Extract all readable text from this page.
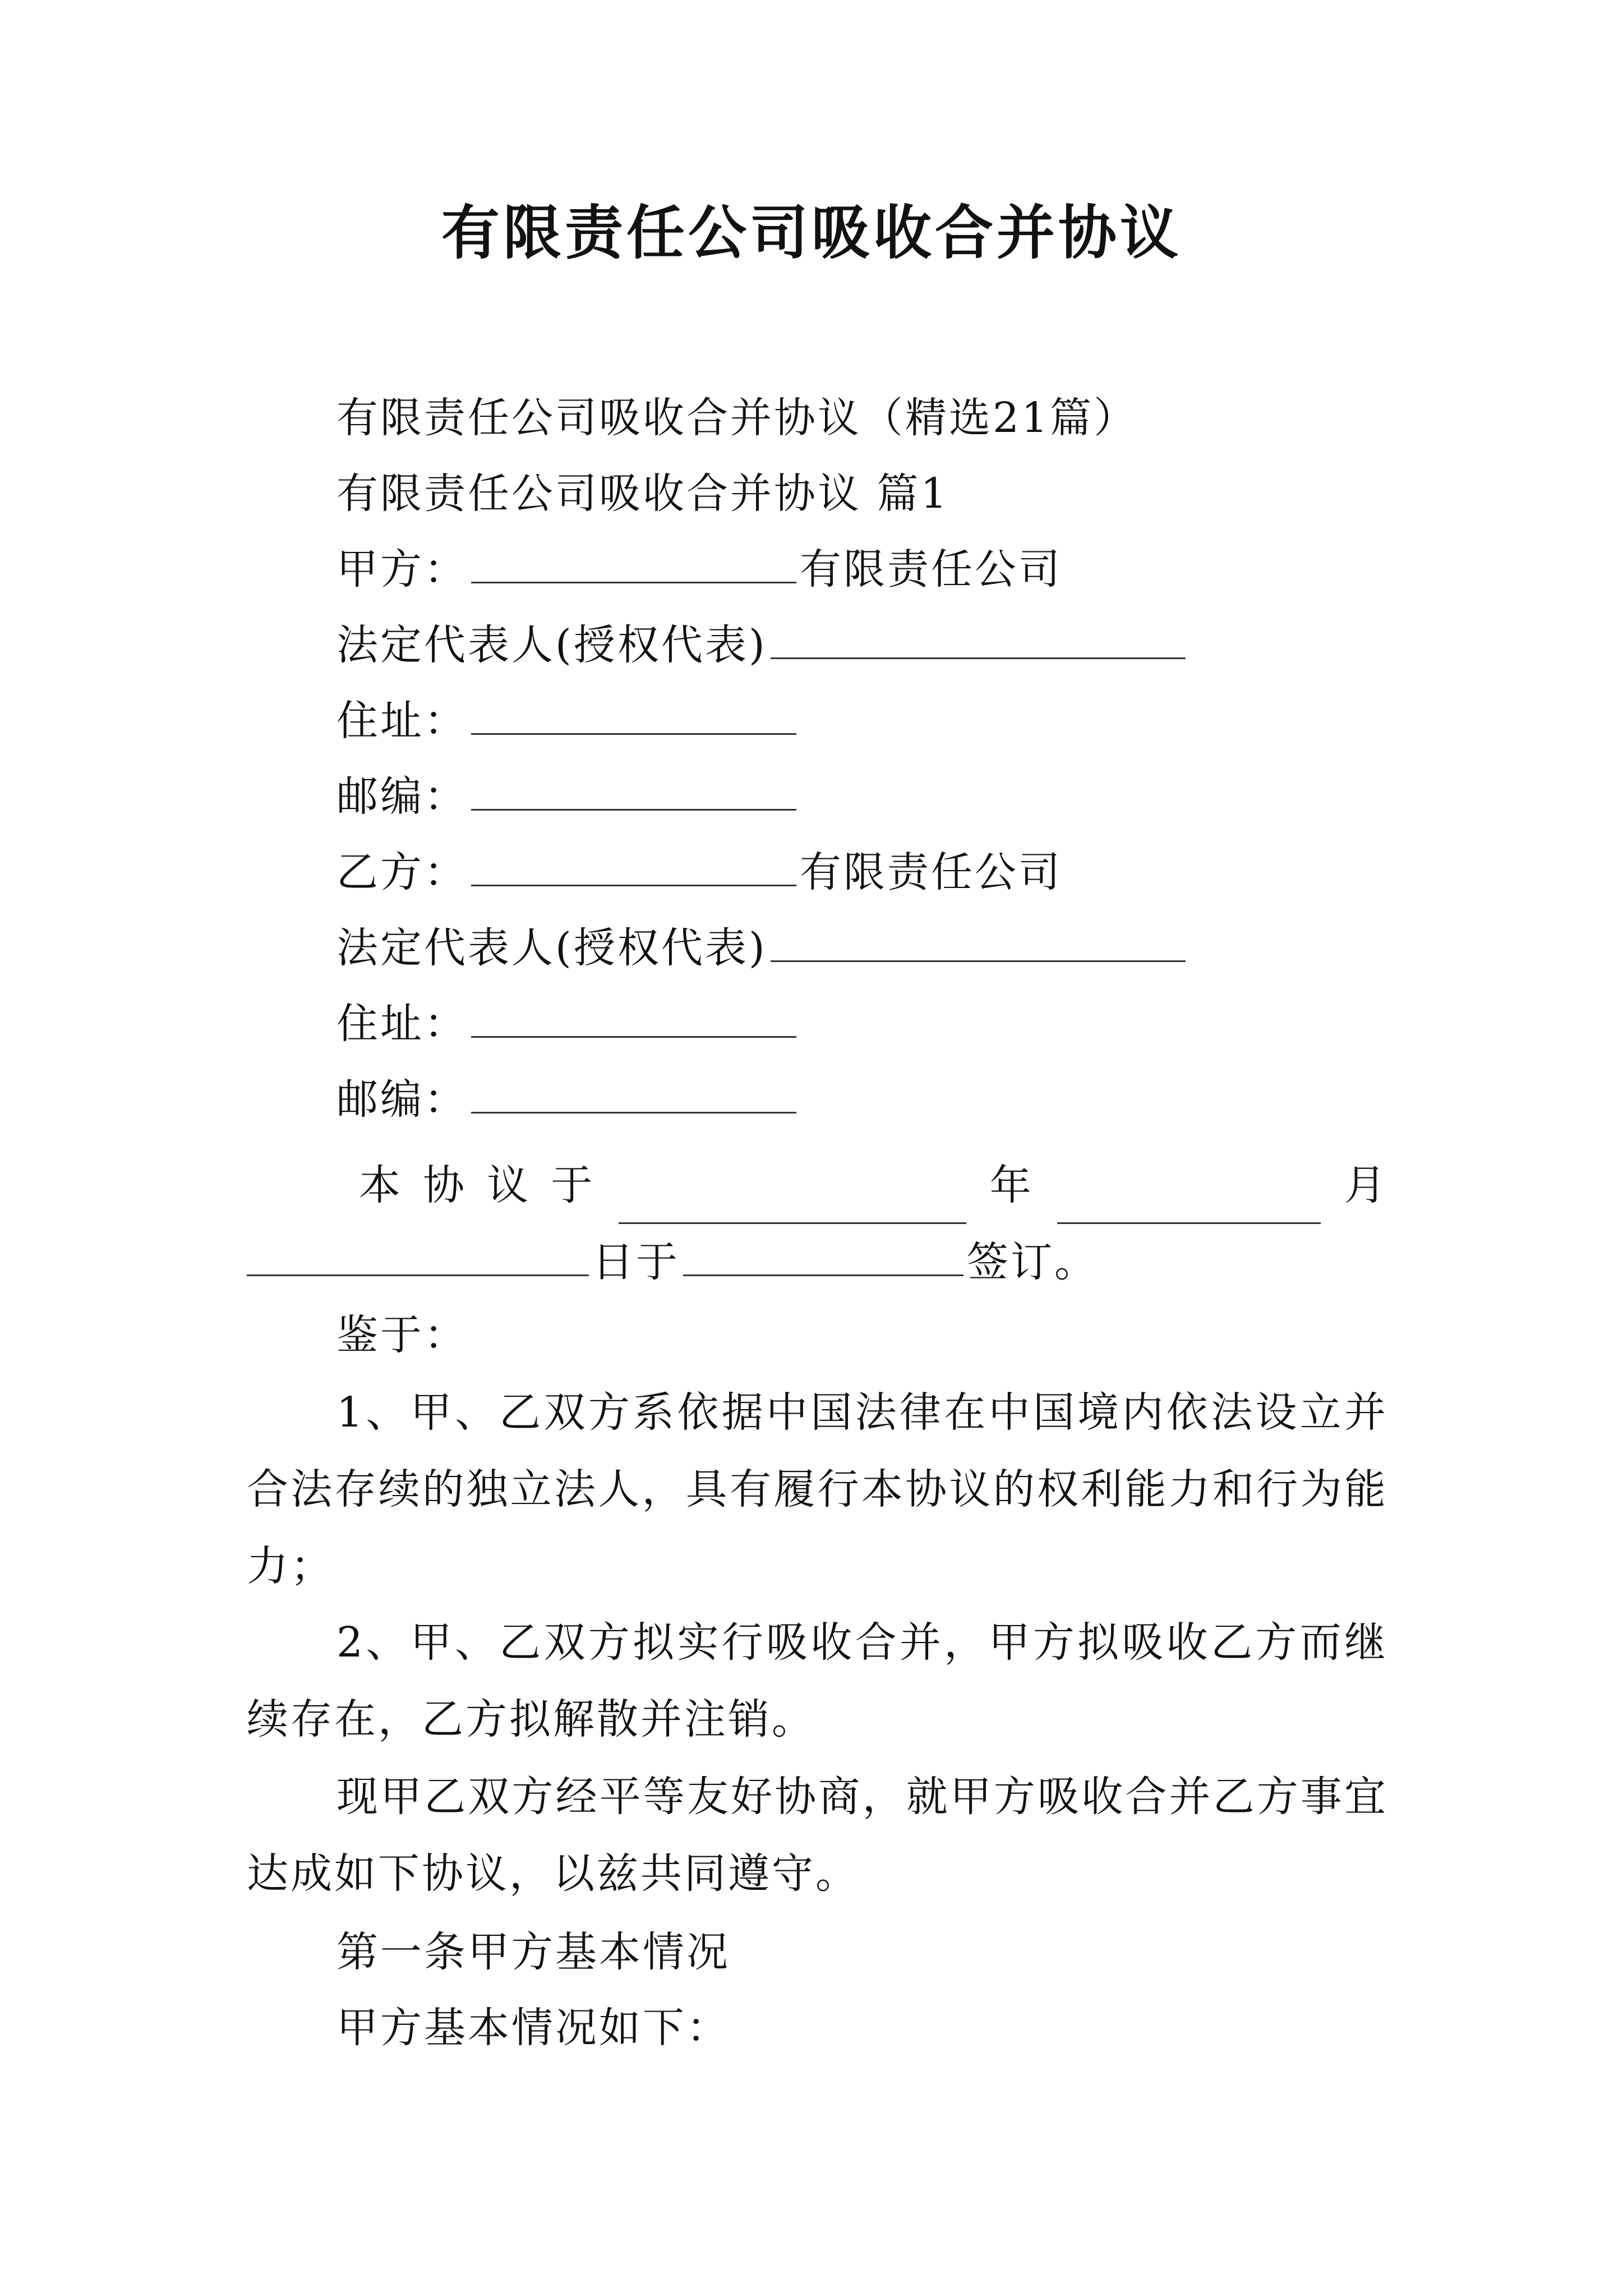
有限责任公司吸收合并协议
有限责任公司吸收合并协议（精选21篇）
有限责任公司吸收合并协议 篇1
甲方：	有限责任公司
法定代表人(授权代表)
住址：
邮编：
乙方：	有限责任公司
法定代表人(授权代表)
住址：
邮编：
本 协 议 于	年	月
日于	签订。
鉴于：
1、甲、乙双方系依据中国法律在中国境内依法设立并合法存续的独立法人，具有履行本协议的权利能力和行为能力；
2、甲、乙双方拟实行吸收合并，甲方拟吸收乙方而继续存在，乙方拟解散并注销。
现甲乙双方经平等友好协商，就甲方吸收合并乙方事宜达成如下协议，以兹共同遵守。
第一条甲方基本情况
甲方基本情况如下：
